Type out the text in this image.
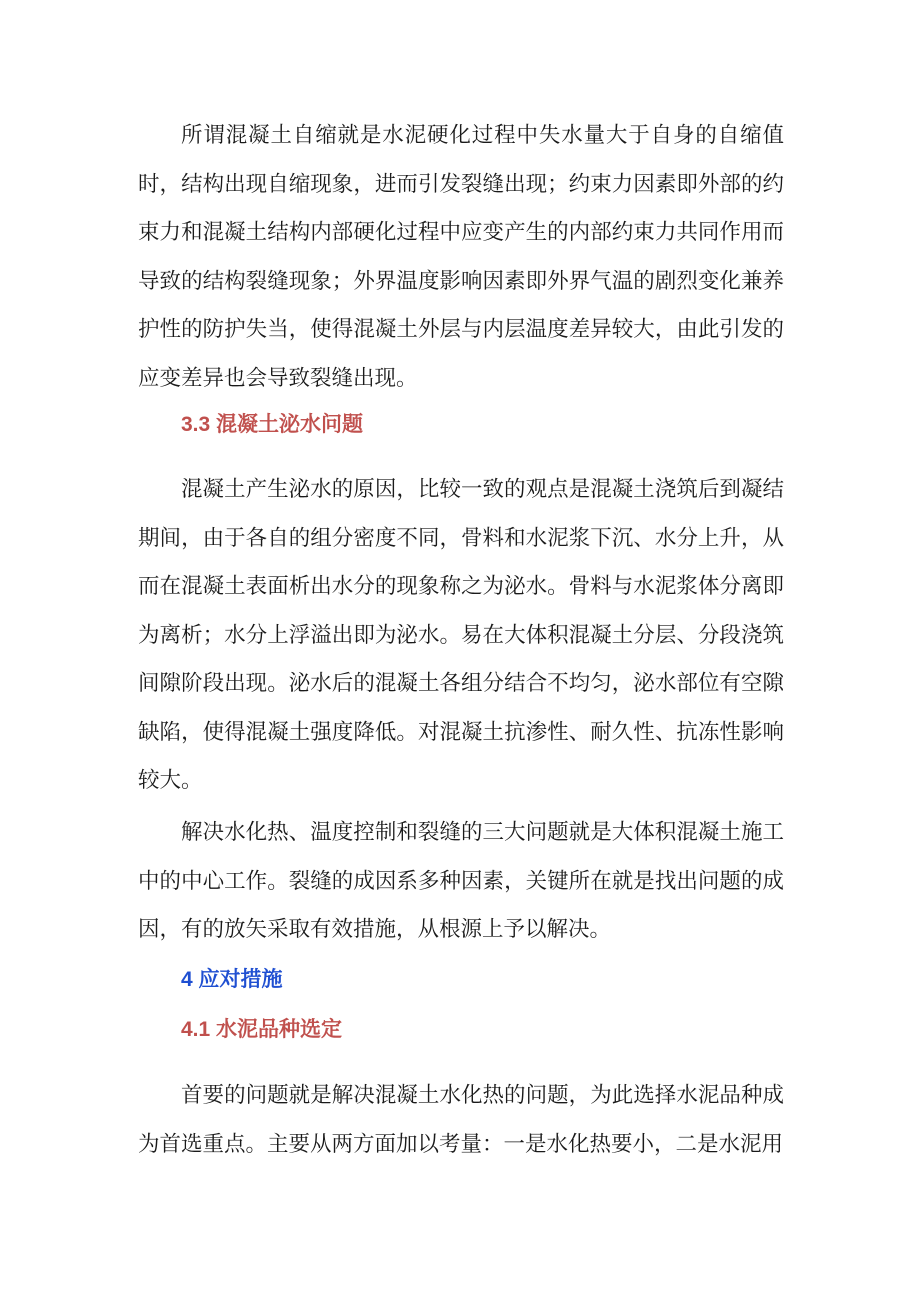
所谓混凝土自缩就是水泥硬化过程中失水量大于自身的自缩值时，结构出现自缩现象，进而引发裂缝出现；约束力因素即外部的约束力和混凝土结构内部硬化过程中应变产生的内部约束力共同作用而导致的结构裂缝现象；外界温度影响因素即外界气温的剧烈变化兼养护性的防护失当，使得混凝土外层与内层温度差异较大，由此引发的应变差异也会导致裂缝出现。

3.3 混凝土泌水问题

混凝土产生泌水的原因，比较一致的观点是混凝土浇筑后到凝结期间，由于各自的组分密度不同，骨料和水泥浆下沉、水分上升，从而在混凝土表面析出水分的现象称之为泌水。骨料与水泥浆体分离即为离析；水分上浮溢出即为泌水。易在大体积混凝土分层、分段浇筑间隙阶段出现。泌水后的混凝土各组分结合不均匀，泌水部位有空隙缺陷，使得混凝土强度降低。对混凝土抗渗性、耐久性、抗冻性影响较大。

解决水化热、温度控制和裂缝的三大问题就是大体积混凝土施工中的中心工作。裂缝的成因系多种因素，关键所在就是找出问题的成因，有的放矢采取有效措施，从根源上予以解决。

4 应对措施
4.1 水泥品种选定

首要的问题就是解决混凝土水化热的问题，为此选择水泥品种成为首选重点。主要从两方面加以考量：一是水化热要小，二是水泥用
